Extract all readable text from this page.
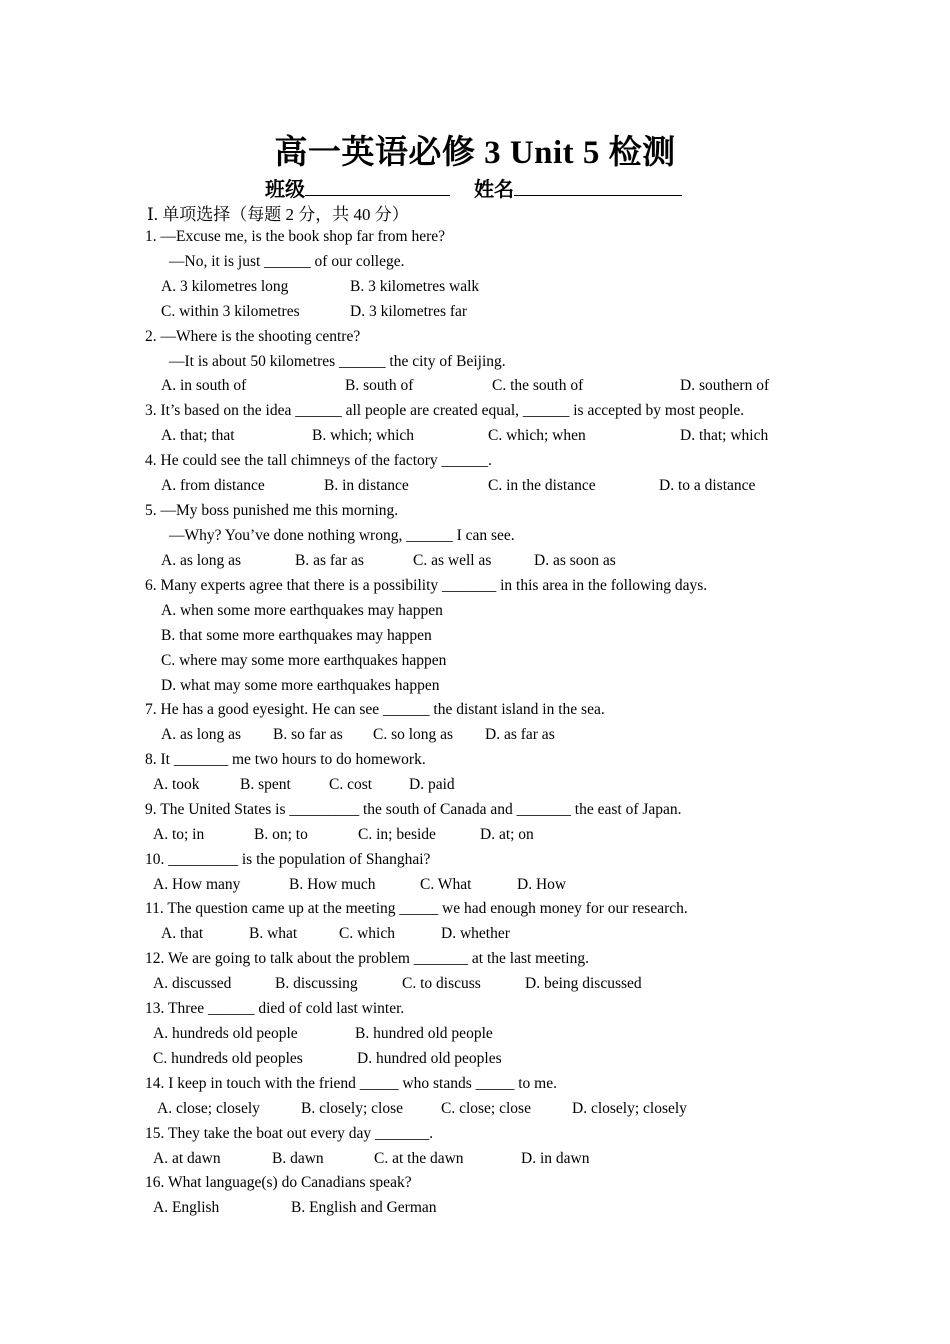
高一英语必修 3 Unit 5 检测
班级	姓名
Ⅰ. 单项选择（每题 2 分，共 40 分）
1. —Excuse me, is the book shop far from here?
—No, it is just ______ of our college.
A. 3 kilometres long	B. 3 kilometres walk
C. within 3 kilometres	D. 3 kilometres far
2. —Where is the shooting centre?
—It is about 50 kilometres ______ the city of Beijing.
A. in south of	B. south of	C. the south of	D. southern of
3. It’s based on the idea ______ all people are created equal, ______ is accepted by most people.
A. that; that	B. which; which	C. which; when	D. that; which
4. He could see the tall chimneys of the factory ______.
A. from distance	B. in distance	C. in the distance	D. to a distance
5. —My boss punished me this morning.
—Why? You’ve done nothing wrong, ______ I can see.
A. as long as	B. as far as	C. as well as	D. as soon as
6. Many experts agree that there is a possibility _______ in this area in the following days.
A. when some more earthquakes may happen
B. that some more earthquakes may happen
C. where may some more earthquakes happen
D. what may some more earthquakes happen
7. He has a good eyesight. He can see ______ the distant island in the sea.
A. as long as B. so far as C. so long as D. as far as
8. It _______ me two hours to do homework.
A. took	B. spent C. cost D. paid
9. The United States is _________ the south of Canada and _______ the east of Japan.
A. to; in	B. on; to	C. in; beside	D. at; on
10. _________ is the population of Shanghai?
A. How many	B. How much	C. What	D. How
11. The question came up at the meeting _____ we had enough money for our research.
A. that	B. what	C. which	D. whether
12. We are going to talk about the problem _______ at the last meeting.
A. discussed	B. discussing	C. to discuss	D. being discussed
13. Three ______ died of cold last winter.
A. hundreds old people	B. hundred old people
C. hundreds old peoples	D. hundred old peoples
14. I keep in touch with the friend _____ who stands _____ to me.
A. close; closely	B. closely; close C. close; close	D. closely; closely
15. They take the boat out every day _______.
A. at dawn	B. dawn	C. at the dawn	D. in dawn
16. What language(s) do Canadians speak?
A. English	B. English and German
